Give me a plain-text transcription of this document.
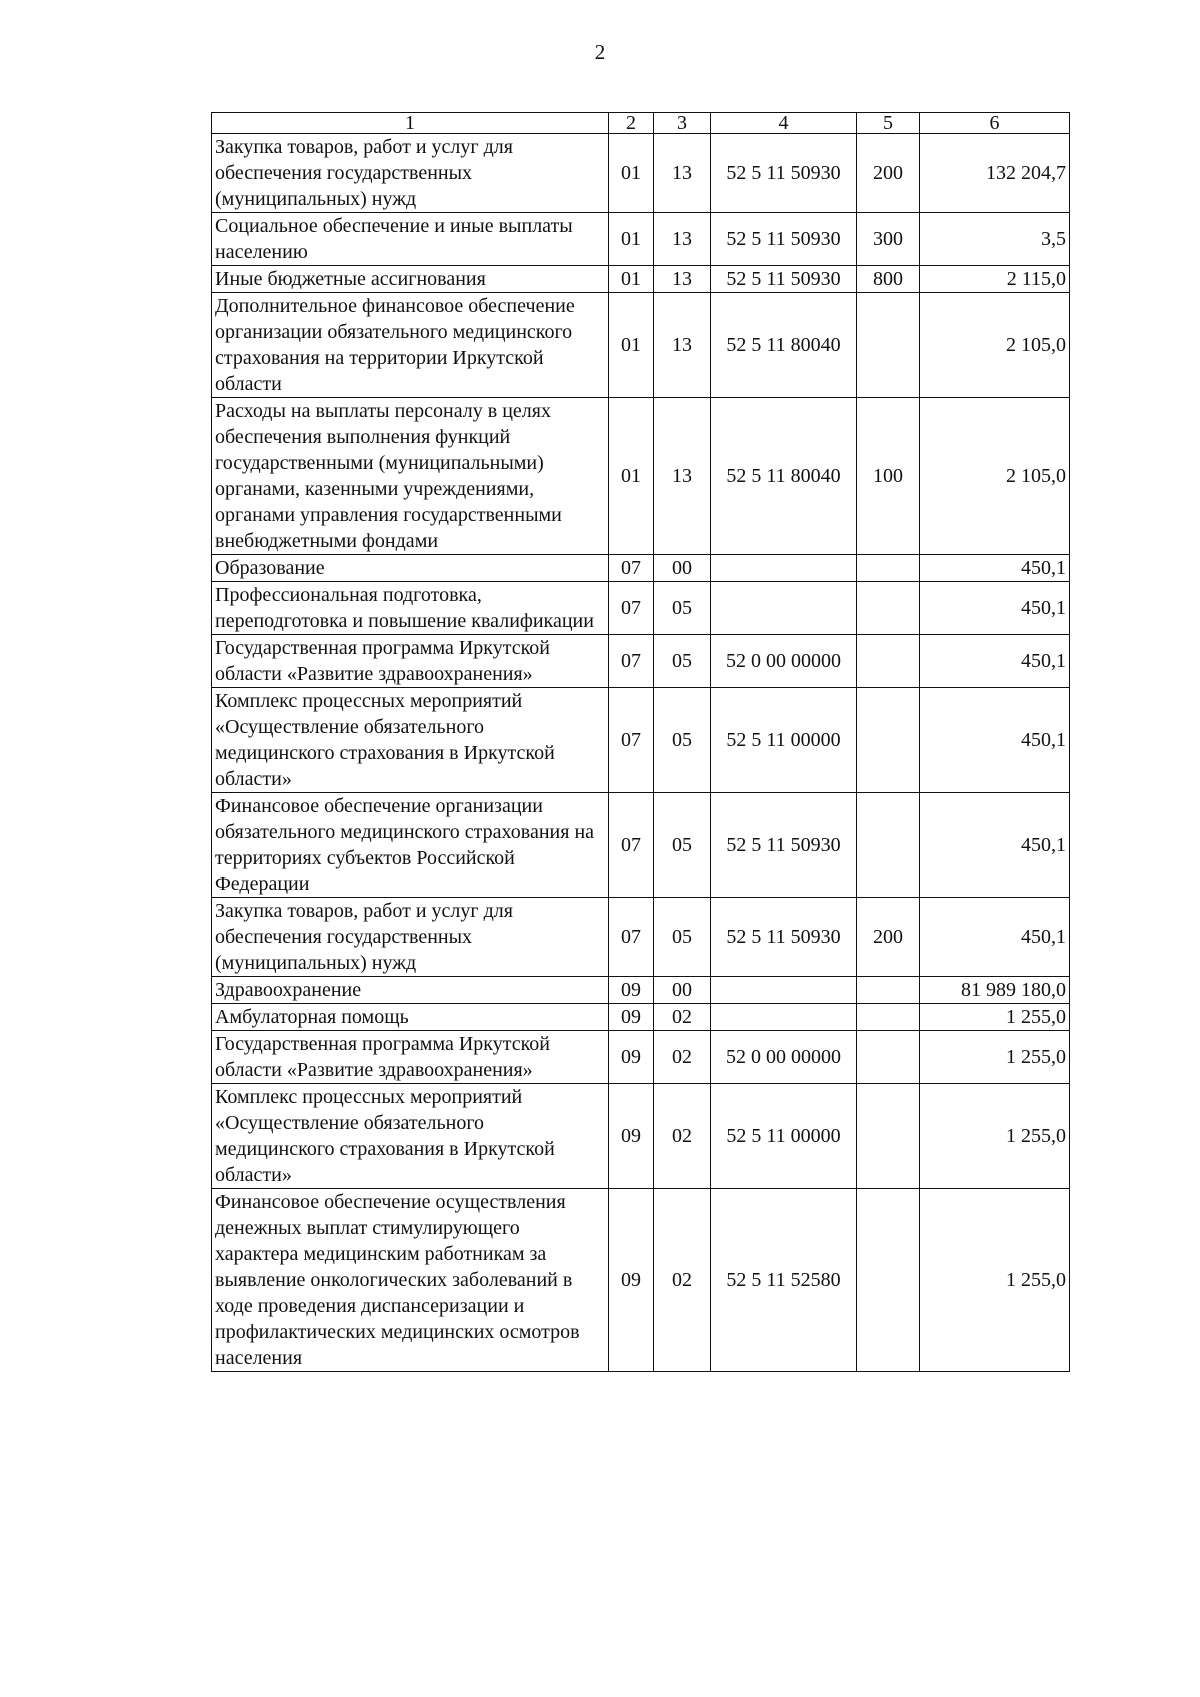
2
1	2	3	4	5	6
Закупка товаров, работ и услуг для обеспечения государственных (муниципальных) нужд	01	13	52 5 11 50930	200	132 204,7
Социальное обеспечение и иные выплаты населению	01	13	52 5 11 50930	300	3,5
Иные бюджетные ассигнования	01	13	52 5 11 50930	800	2 115,0
Дополнительное финансовое обеспечение организации обязательного медицинского страхования на территории Иркутской области	01	13	52 5 11 80040		2 105,0
Расходы на выплаты персоналу в целях обеспечения выполнения функций государственными (муниципальными) органами, казенными учреждениями, органами управления государственными внебюджетными фондами	01	13	52 5 11 80040	100	2 105,0
Образование	07	00			450,1
Профессиональная подготовка, переподготовка и повышение квалификации	07	05			450,1
Государственная программа Иркутской области «Развитие здравоохранения»	07	05	52 0 00 00000		450,1
Комплекс процессных мероприятий «Осуществление обязательного медицинского страхования в Иркутской области»	07	05	52 5 11 00000		450,1
Финансовое обеспечение организации обязательного медицинского страхования на территориях субъектов Российской Федерации	07	05	52 5 11 50930		450,1
Закупка товаров, работ и услуг для обеспечения государственных (муниципальных) нужд	07	05	52 5 11 50930	200	450,1
Здравоохранение	09	00			81 989 180,0
Амбулаторная помощь	09	02			1 255,0
Государственная программа Иркутской области «Развитие здравоохранения»	09	02	52 0 00 00000		1 255,0
Комплекс процессных мероприятий «Осуществление обязательного медицинского страхования в Иркутской области»	09	02	52 5 11 00000		1 255,0
Финансовое обеспечение осуществления денежных выплат стимулирующего характера медицинским работникам за выявление онкологических заболеваний в ходе проведения диспансеризации и профилактических медицинских осмотров населения	09	02	52 5 11 52580		1 255,0
